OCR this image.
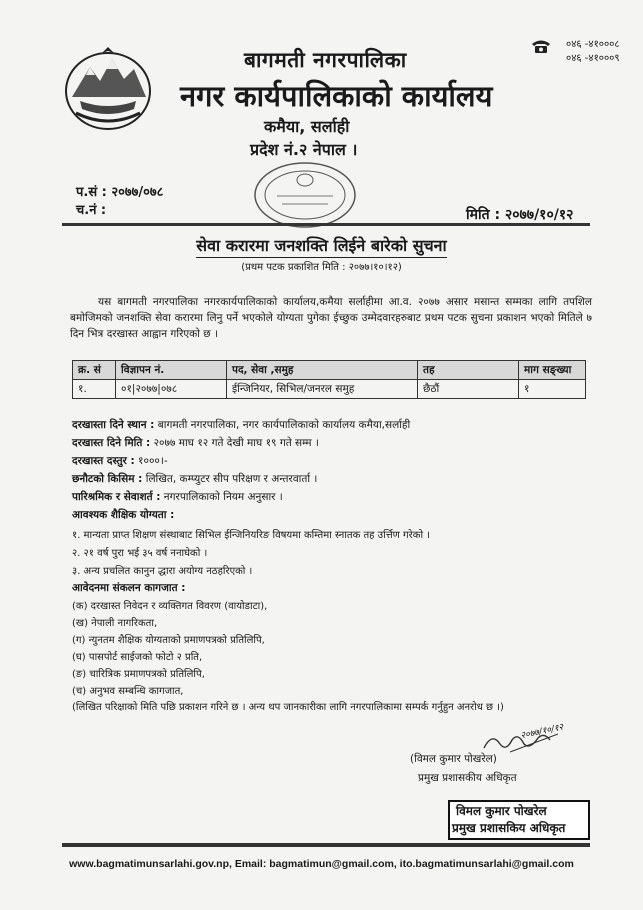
बागमती नगरपालिका
नगर कार्यपालिकाको कार्यालय
कमैया, सर्लाही
प्रदेश नं.२ नेपाल ।
०४६ -४१०००८
०४६ -४१०००९
प.सं : २०७७/०७८
च.नं :	मिति : २०७७/१०/१२
सेवा करारमा जनशक्ति लिईने बारेको सुचना
(प्रथम पटक प्रकाशित मिति : २०७७।१०।१२)
यस बागमती नगरपालिका नगरकार्यपालिकाको कार्यालय,कमैया सर्लाहीमा आ.व. २०७७ असार मसान्त सम्मका लागि तपशिल बमोजिमको जनशक्ति सेवा करारमा लिनु पर्ने भएकोले योग्यता पुगेका ईच्छुक उम्मेदवारहरुबाट प्रथम पटक सुचना प्रकाशन भएको मितिले ७ दिन भित्र दरखास्त आह्वान गरिएको छ ।
क्र. सं	विज्ञापन नं.	पद, सेवा ,समुह	तह	माग सङ्ख्या
१.	०१|२०७७|०७८	ईन्जिनियर, सिभिल/जनरल समुह	छैठौं	१
दरखास्ता दिने स्थान : बागमती नगरपालिका, नगर कार्यपालिकाको कार्यालय कमैया,सर्लाही
दरखास्त दिने मिति : २०७७ माघ १२ गते देखी माघ १९ गते सम्म ।
दरखास्त दस्तुर : १०००।-
छनौटको किसिम : लिखित, कम्प्युटर सीप परिक्षण र अन्तरवार्ता ।
पारिश्रमिक र सेवाशर्त : नगरपालिकाको नियम अनुसार ।
आवश्यक शैक्षिक योग्यता :
१. मान्यता प्राप्त शिक्षण संस्थाबाट सिभिल ईन्जिनियरिङ विषयमा कम्तिमा स्नातक तह उर्त्तिण गरेको ।
२. २१ वर्ष पुरा भई ३५ वर्ष ननाघेको ।
३. अन्य प्रचलित कानुन द्धारा अयोग्य नठहरिएको ।
आवेदनमा संकलन कागजात :
(क) दरखास्त निवेदन र व्यक्तिगत विवरण (वायोडाटा),
(ख) नेपाली नागरिकता,
(ग) न्युनतम शैक्षिक योग्यताको प्रमाणपत्रको प्रतिलिपि,
(घ) पासपोर्ट साईजको फोटो २ प्रति,
(ङ) चारित्रिक प्रमाणपत्रको प्रतिलिपि,
(च) अनुभव सम्बन्धि कागजात,
(लिखित परिक्षाको मिति पछि प्रकाशन गरिने छ । अन्य थप जानकारीका लागि नगरपालिकामा सम्पर्क गर्नुहुन अनरोध छ ।)
२०७७/१०/१२
(विमल कुमार पोखरेल)
प्रमुख प्रशासकीय अधिकृत
विमल कुमार पोखरेल
प्रमुख प्रशासकिय अधिकृत
www.bagmatimunsarlahi.gov.np, Email: bagmatimun@gmail.com, ito.bagmatimunsarlahi@gmail.com
